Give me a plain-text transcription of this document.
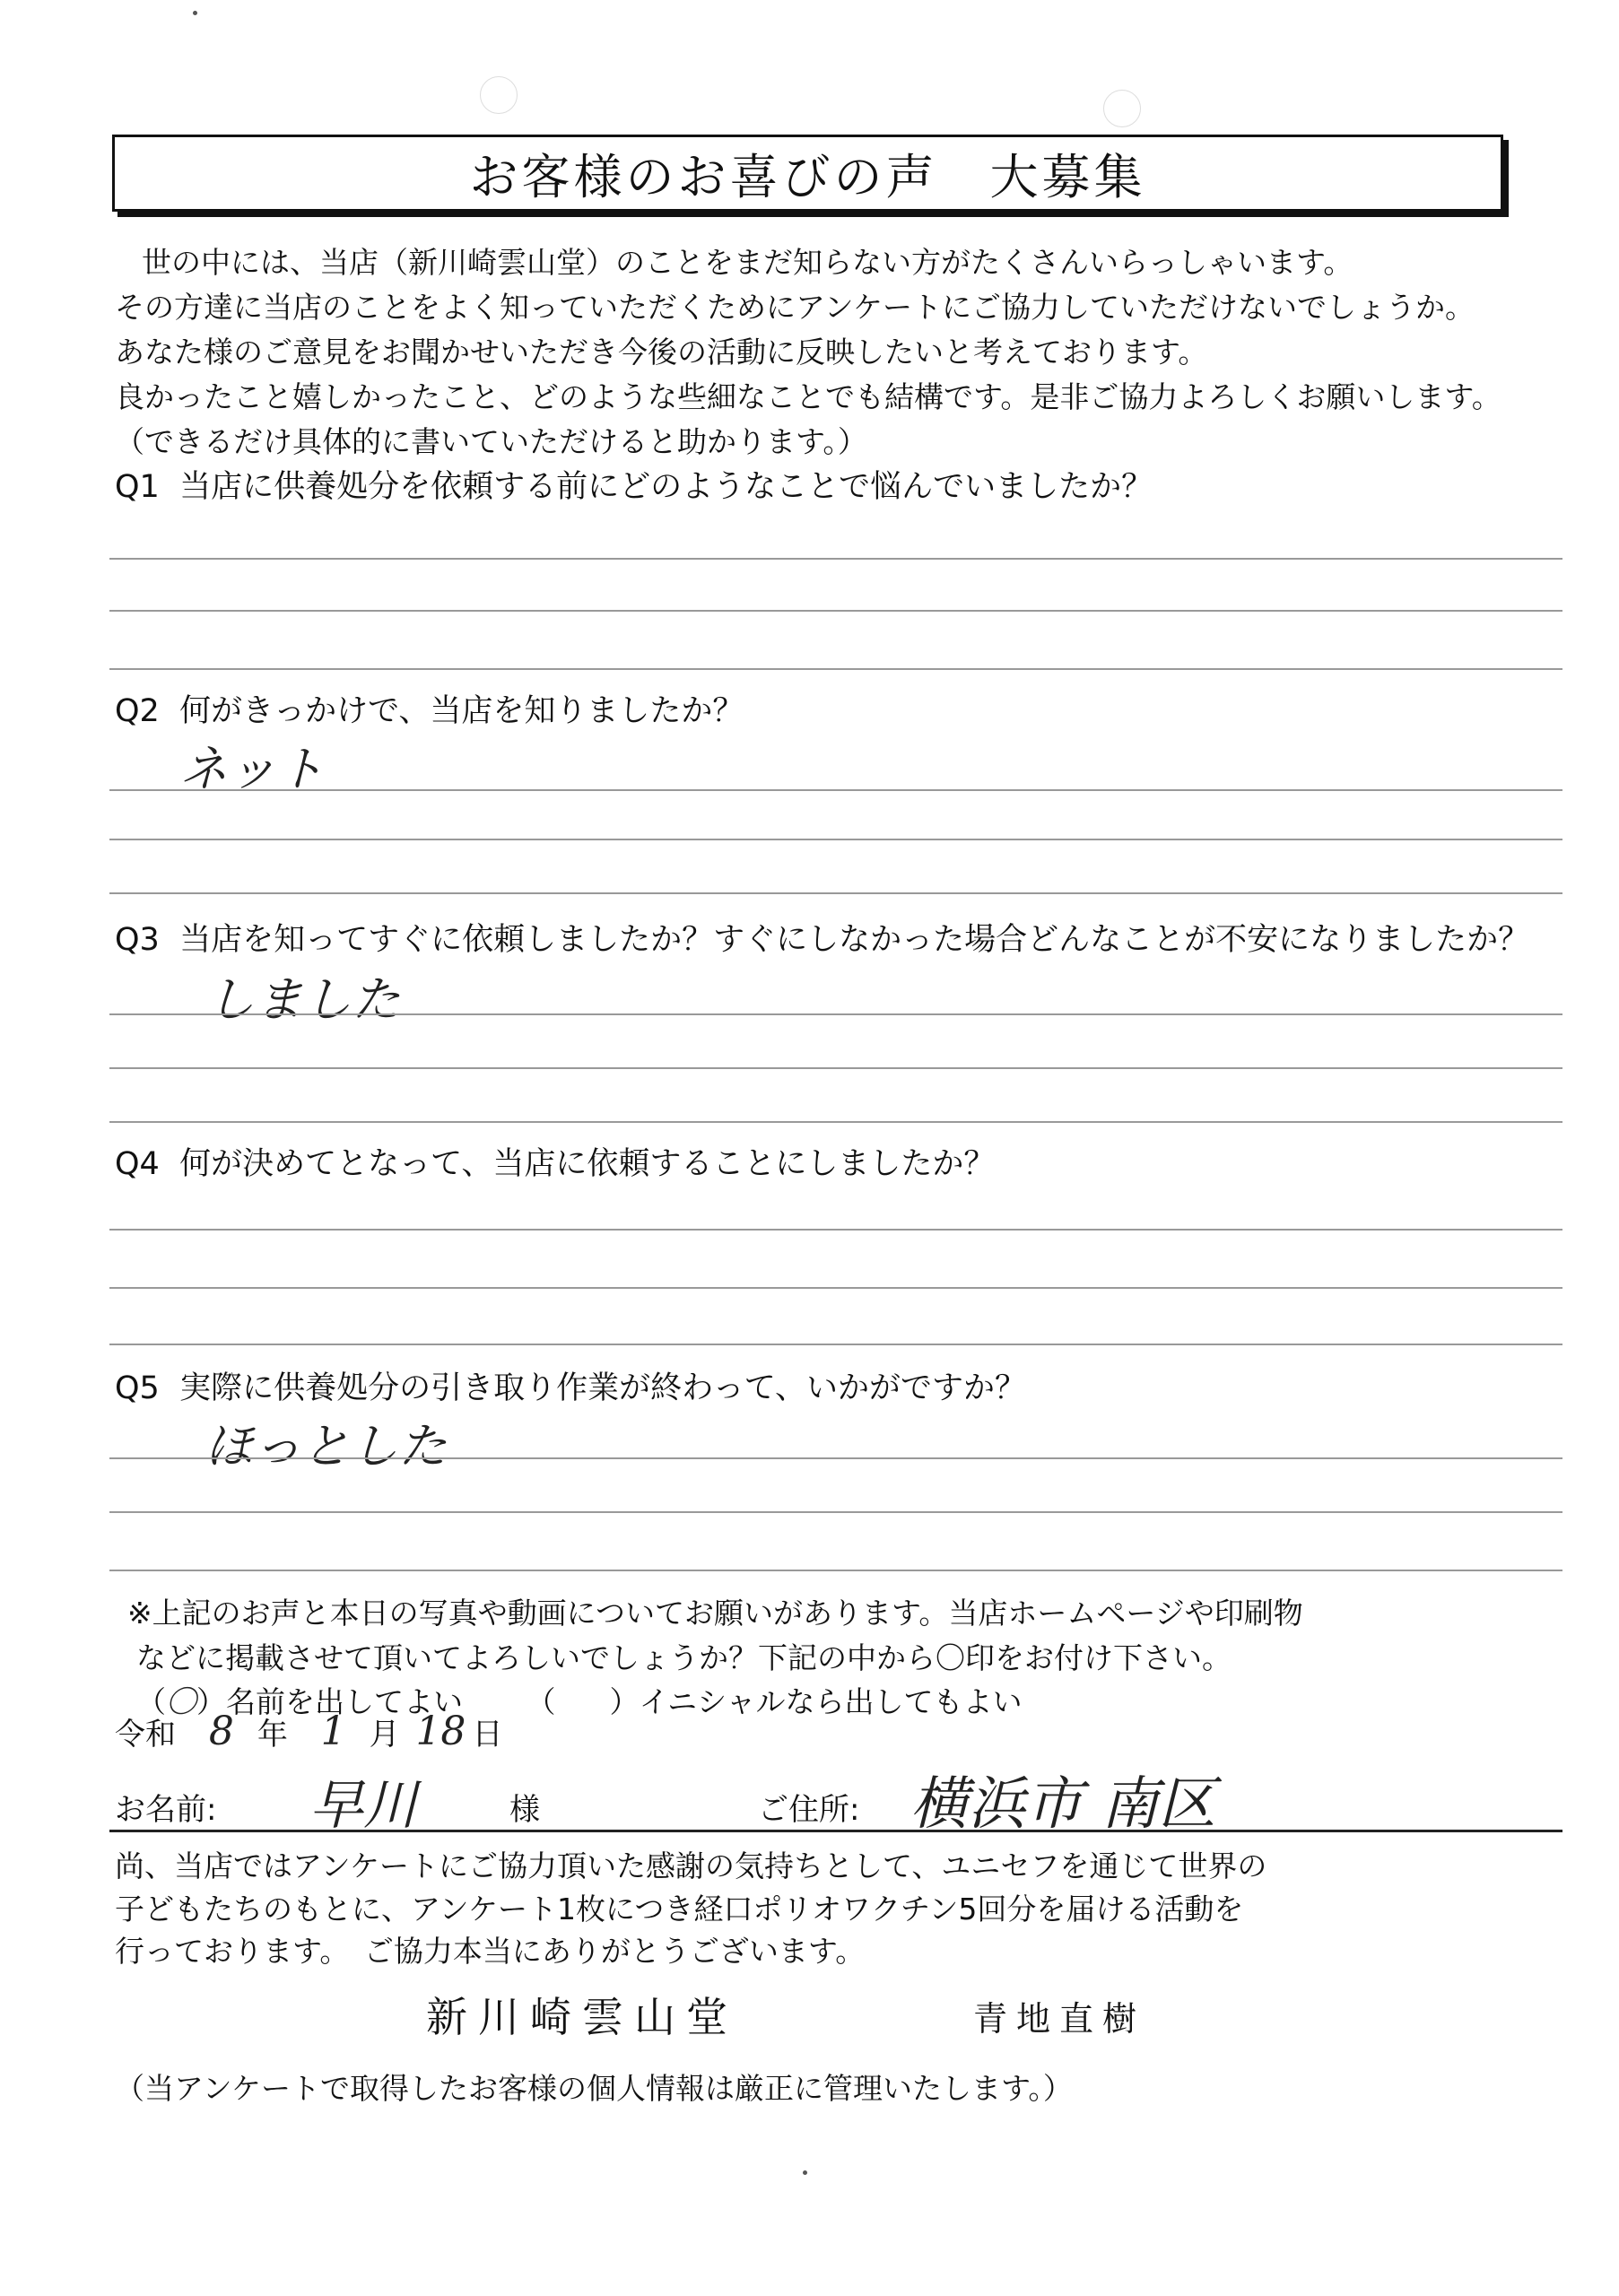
お客様のお喜びの声　大募集
世の中には、当店（新川崎雲山堂）のことをまだ知らない方がたくさんいらっしゃいます。
その方達に当店のことをよく知っていただくためにアンケートにご協力していただけないでしょうか。
あなた様のご意見をお聞かせいただき今後の活動に反映したいと考えております。
良かったこと嬉しかったこと、どのような些細なことでも結構です。是非ご協力よろしくお願いします。
（できるだけ具体的に書いていただけると助かります。）
Q1 当店に供養処分を依頼する前にどのようなことで悩んでいましたか？
Q2 何がきっかけで、当店を知りましたか？
ネット
Q3 当店を知ってすぐに依頼しましたか？すぐにしなかった場合どんなことが不安になりましたか？
しました
Q4 何が決めてとなって、当店に依頼することにしましたか？
Q5 実際に供養処分の引き取り作業が終わって、いかがですか？
ほっとした
※上記のお声と本日の写真や動画についてお願いがあります。当店ホームページや印刷物
などに掲載させて頂いてよろしいでしょうか？下記の中から〇印をお付け下さい。
（〇）名前を出してよい （ ）イニシャルなら出してもよい
令和 8 年 1 月 18 日
お名前: 早川	様	ご住所: 横浜市 南区
尚、当店ではアンケートにご協力頂いた感謝の気持ちとして、ユニセフを通じて世界の
子どもたちのもとに、アンケート1枚につき経口ポリオワクチン5回分を届ける活動を
行っております。　ご協力本当にありがとうございます。
新川崎雲山堂	青地直樹
（当アンケートで取得したお客様の個人情報は厳正に管理いたします。）
